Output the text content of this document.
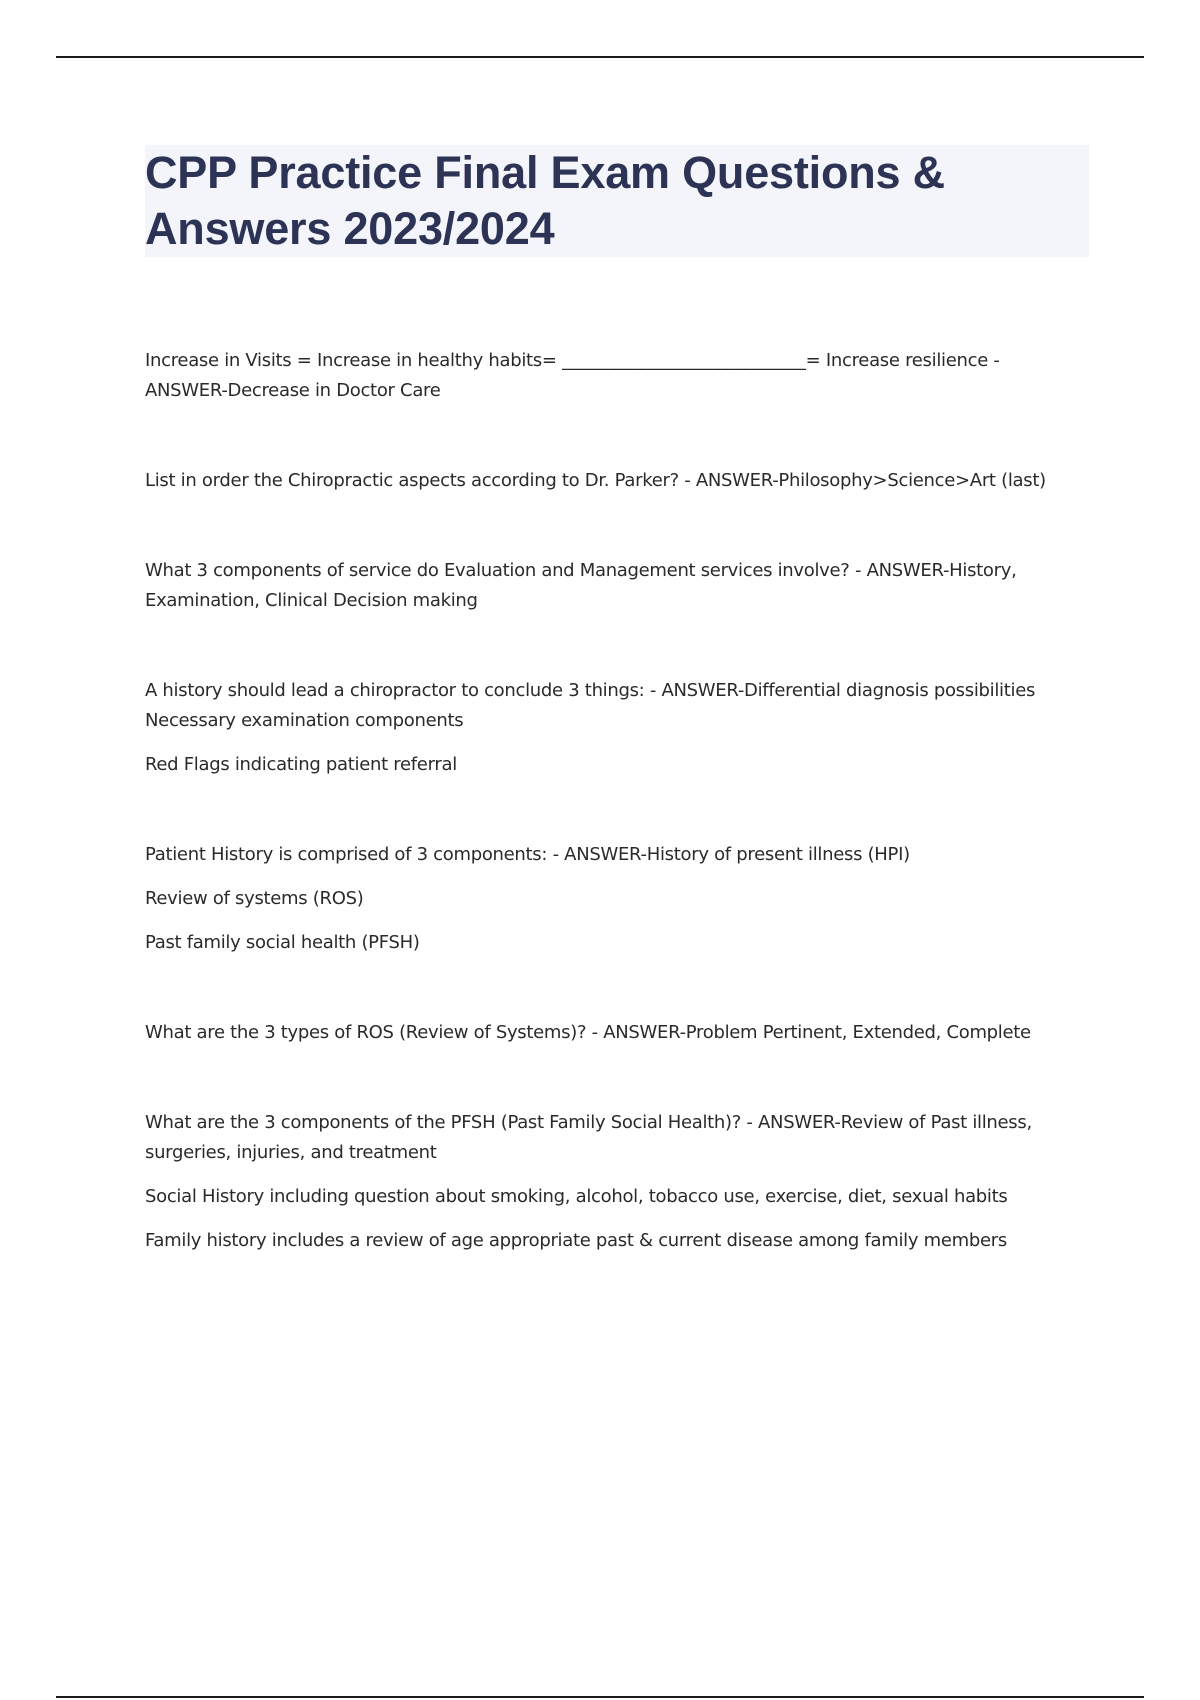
CPP Practice Final Exam Questions & Answers 2023/2024

Increase in Visits = Increase in healthy habits= ____________________________= Increase resilience - ANSWER-Decrease in Doctor Care

List in order the Chiropractic aspects according to Dr. Parker? - ANSWER-Philosophy>Science>Art (last)

What 3 components of service do Evaluation and Management services involve? - ANSWER-History, Examination, Clinical Decision making

A history should lead a chiropractor to conclude 3 things: - ANSWER-Differential diagnosis possibilities Necessary examination components

Red Flags indicating patient referral

Patient History is comprised of 3 components: - ANSWER-History of present illness (HPI)

Review of systems (ROS)

Past family social health (PFSH)

What are the 3 types of ROS (Review of Systems)? - ANSWER-Problem Pertinent, Extended, Complete

What are the 3 components of the PFSH (Past Family Social Health)? - ANSWER-Review of Past illness, surgeries, injuries, and treatment

Social History including question about smoking, alcohol, tobacco use, exercise, diet, sexual habits

Family history includes a review of age appropriate past & current disease among family members
